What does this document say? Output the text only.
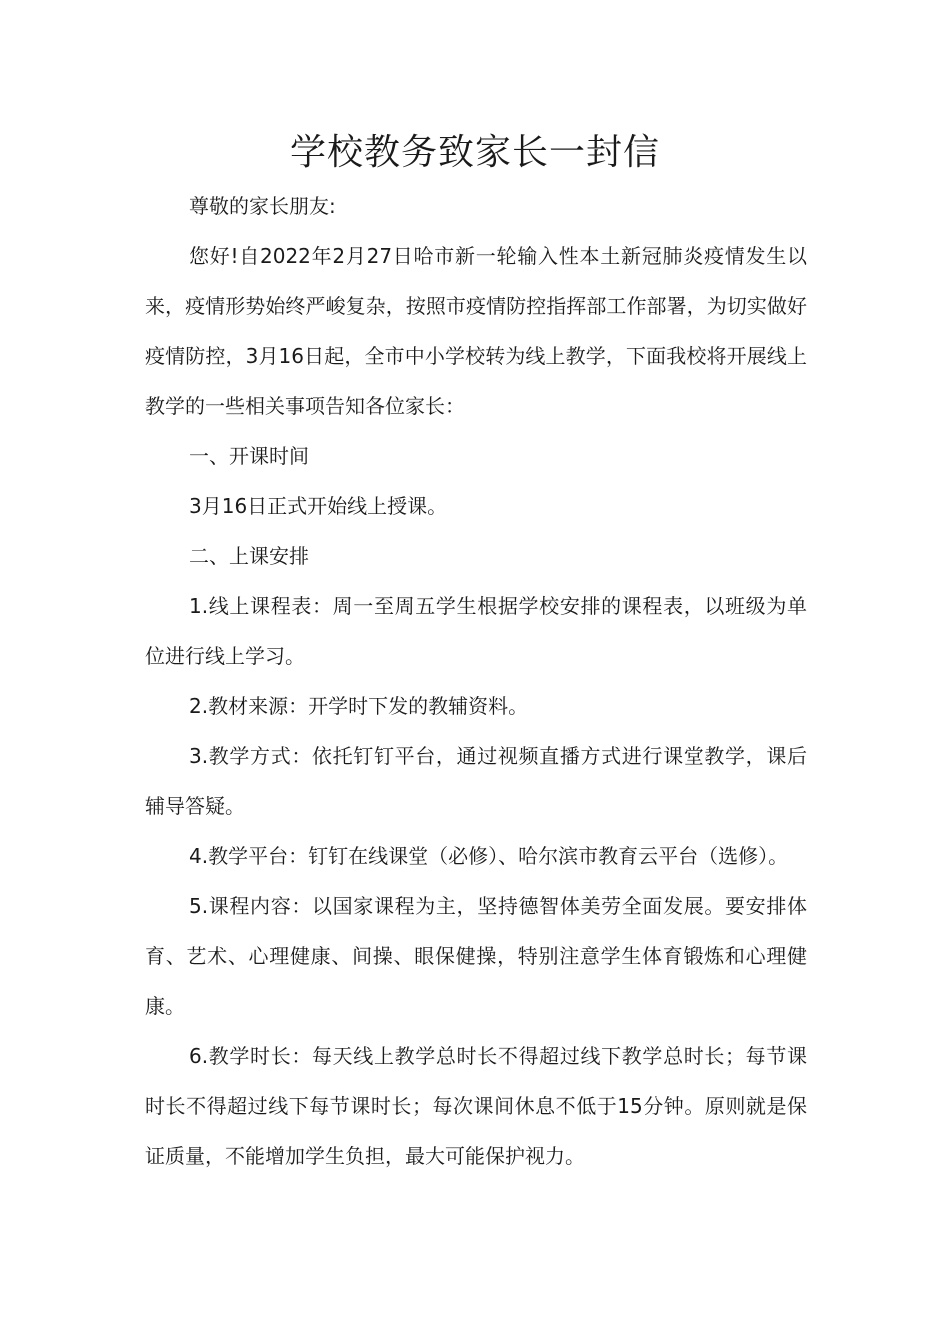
学校教务致家长一封信

尊敬的家长朋友:

您好!自2022年2月27日哈市新一轮输入性本土新冠肺炎疫情发生以来，疫情形势始终严峻复杂，按照市疫情防控指挥部工作部署，为切实做好疫情防控，3月16日起，全市中小学校转为线上教学，下面我校将开展线上教学的一些相关事项告知各位家长：

一、开课时间

3月16日正式开始线上授课。

二、上课安排

1.线上课程表：周一至周五学生根据学校安排的课程表，以班级为单位进行线上学习。

2.教材来源：开学时下发的教辅资料。

3.教学方式：依托钉钉平台，通过视频直播方式进行课堂教学，课后辅导答疑。

4.教学平台：钉钉在线课堂（必修）、哈尔滨市教育云平台（选修）。

5.课程内容：以国家课程为主，坚持德智体美劳全面发展。要安排体育、艺术、心理健康、间操、眼保健操，特别注意学生体育锻炼和心理健康。

6.教学时长：每天线上教学总时长不得超过线下教学总时长；每节课时长不得超过线下每节课时长；每次课间休息不低于15分钟。原则就是保证质量，不能增加学生负担，最大可能保护视力。
